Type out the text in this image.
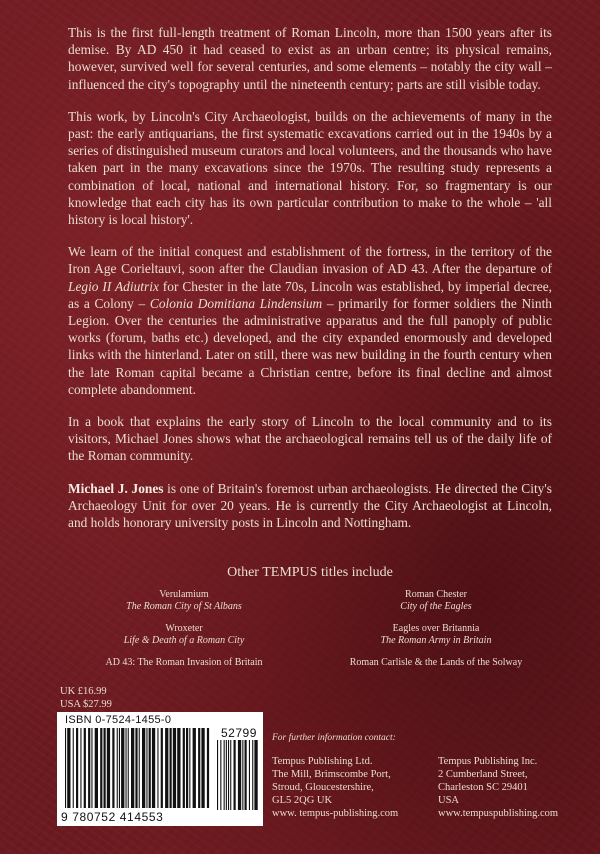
This is the first full-length treatment of Roman Lincoln, more than 1500 years after its demise. By AD 450 it had ceased to exist as an urban centre; its physical remains, however, survived well for several centuries, and some elements – notably the city wall – influenced the city's topography until the nineteenth century; parts are still visible today.

This work, by Lincoln's City Archaeologist, builds on the achievements of many in the past: the early antiquarians, the first systematic excavations carried out in the 1940s by a series of distinguished museum curators and local volunteers, and the thousands who have taken part in the many excavations since the 1970s. The resulting study represents a combination of local, national and international history. For, so fragmentary is our knowledge that each city has its own particular contribution to make to the whole – 'all history is local history'.

We learn of the initial conquest and establishment of the fortress, in the territory of the Iron Age Corieltauvi, soon after the Claudian invasion of AD 43. After the departure of Legio II Adiutrix for Chester in the late 70s, Lincoln was established, by imperial decree, as a Colony – Colonia Domitiana Lindensium – primarily for former soldiers the Ninth Legion. Over the centuries the administrative apparatus and the full panoply of public works (forum, baths etc.) developed, and the city expanded enormously and developed links with the hinterland. Later on still, there was new building in the fourth century when the late Roman capital became a Christian centre, before its final decline and almost complete abandonment.

In a book that explains the early story of Lincoln to the local community and to its visitors, Michael Jones shows what the archaeological remains tell us of the daily life of the Roman community.

Michael J. Jones is one of Britain's foremost urban archaeologists. He directed the City's Archaeology Unit for over 20 years. He is currently the City Archaeologist at Lincoln, and holds honorary university posts in Lincoln and Nottingham.

Other TEMPUS titles include
Verulamium
The Roman City of St Albans
Roman Chester
City of the Eagles
Wroxeter
Life & Death of a Roman City
Eagles over Britannia
The Roman Army in Britain
AD 43: The Roman Invasion of Britain	Roman Carlisle & the Lands of the Solway
UK £16.99
USA $27.99
ISBN 0-7524-1455-0
52799
9 780752 414553
For further information contact:
Tempus Publishing Ltd.
The Mill, Brimscombe Port,
Stroud, Gloucestershire,
GL5 2QG UK
www. tempus-publishing.com
Tempus Publishing Inc.
2 Cumberland Street,
Charleston SC 29401
USA
www.tempuspublishing.com
